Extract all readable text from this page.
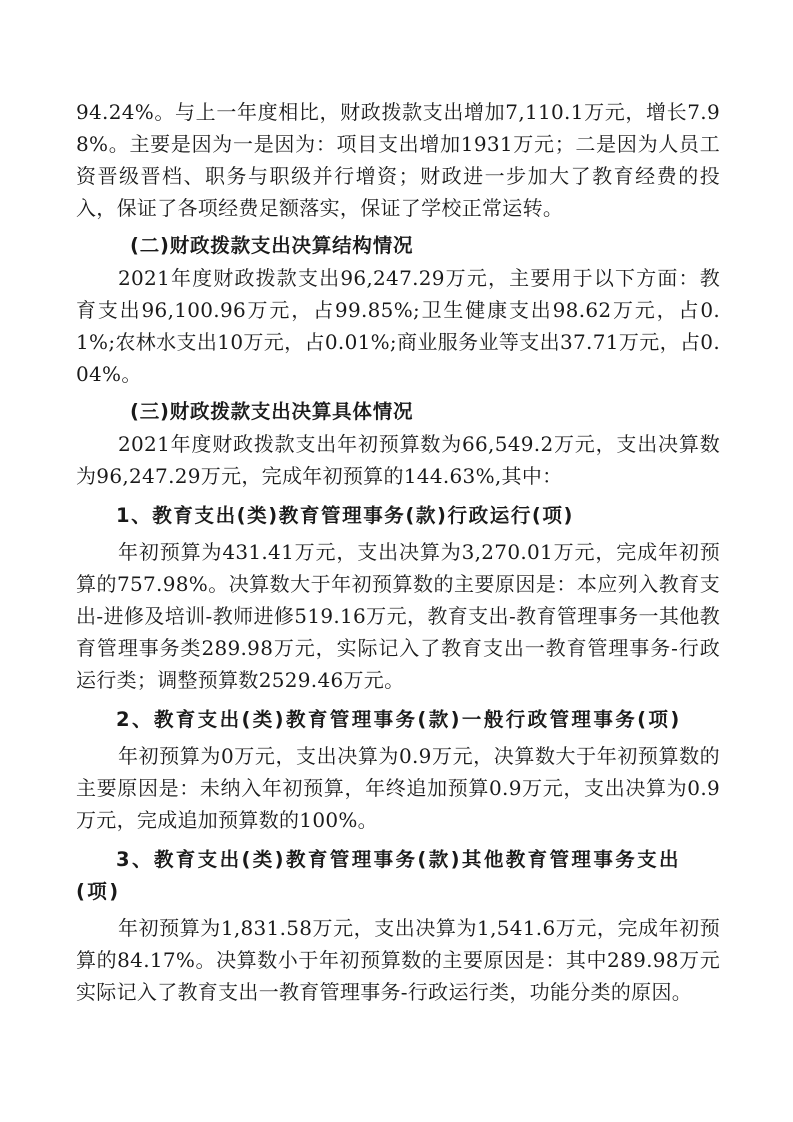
94.24%。与上一年度相比，财政拨款支出增加7,110.1万元，增长7.98%。主要是因为一是因为：项目支出增加1931万元；二是因为人员工资晋级晋档、职务与职级并行增资；财政进一步加大了教育经费的投入，保证了各项经费足额落实，保证了学校正常运转。

(二)财政拨款支出决算结构情况

2021年度财政拨款支出96,247.29万元，主要用于以下方面：教育支出96,100.96万元，占99.85%;卫生健康支出98.62万元，占0.1%;农林水支出10万元，占0.01%;商业服务业等支出37.71万元，占0.04%。

(三)财政拨款支出决算具体情况

2021年度财政拨款支出年初预算数为66,549.2万元，支出决算数为96,247.29万元，完成年初预算的144.63%,其中：

1、教育支出(类)教育管理事务(款)行政运行(项)

年初预算为431.41万元，支出决算为3,270.01万元，完成年初预算的757.98%。决算数大于年初预算数的主要原因是：本应列入教育支出-进修及培训-教师进修519.16万元，教育支出-教育管理事务一其他教育管理事务类289.98万元，实际记入了教育支出一教育管理事务-行政运行类；调整预算数2529.46万元。

2、教育支出(类)教育管理事务(款)一般行政管理事务(项)

年初预算为0万元，支出决算为0.9万元，决算数大于年初预算数的主要原因是：未纳入年初预算，年终追加预算0.9万元，支出决算为0.9万元，完成追加预算数的100%。

3、教育支出(类)教育管理事务(款)其他教育管理事务支出(项)

年初预算为1,831.58万元，支出决算为1,541.6万元，完成年初预算的84.17%。决算数小于年初预算数的主要原因是：其中289.98万元实际记入了教育支出一教育管理事务-行政运行类，功能分类的原因。
